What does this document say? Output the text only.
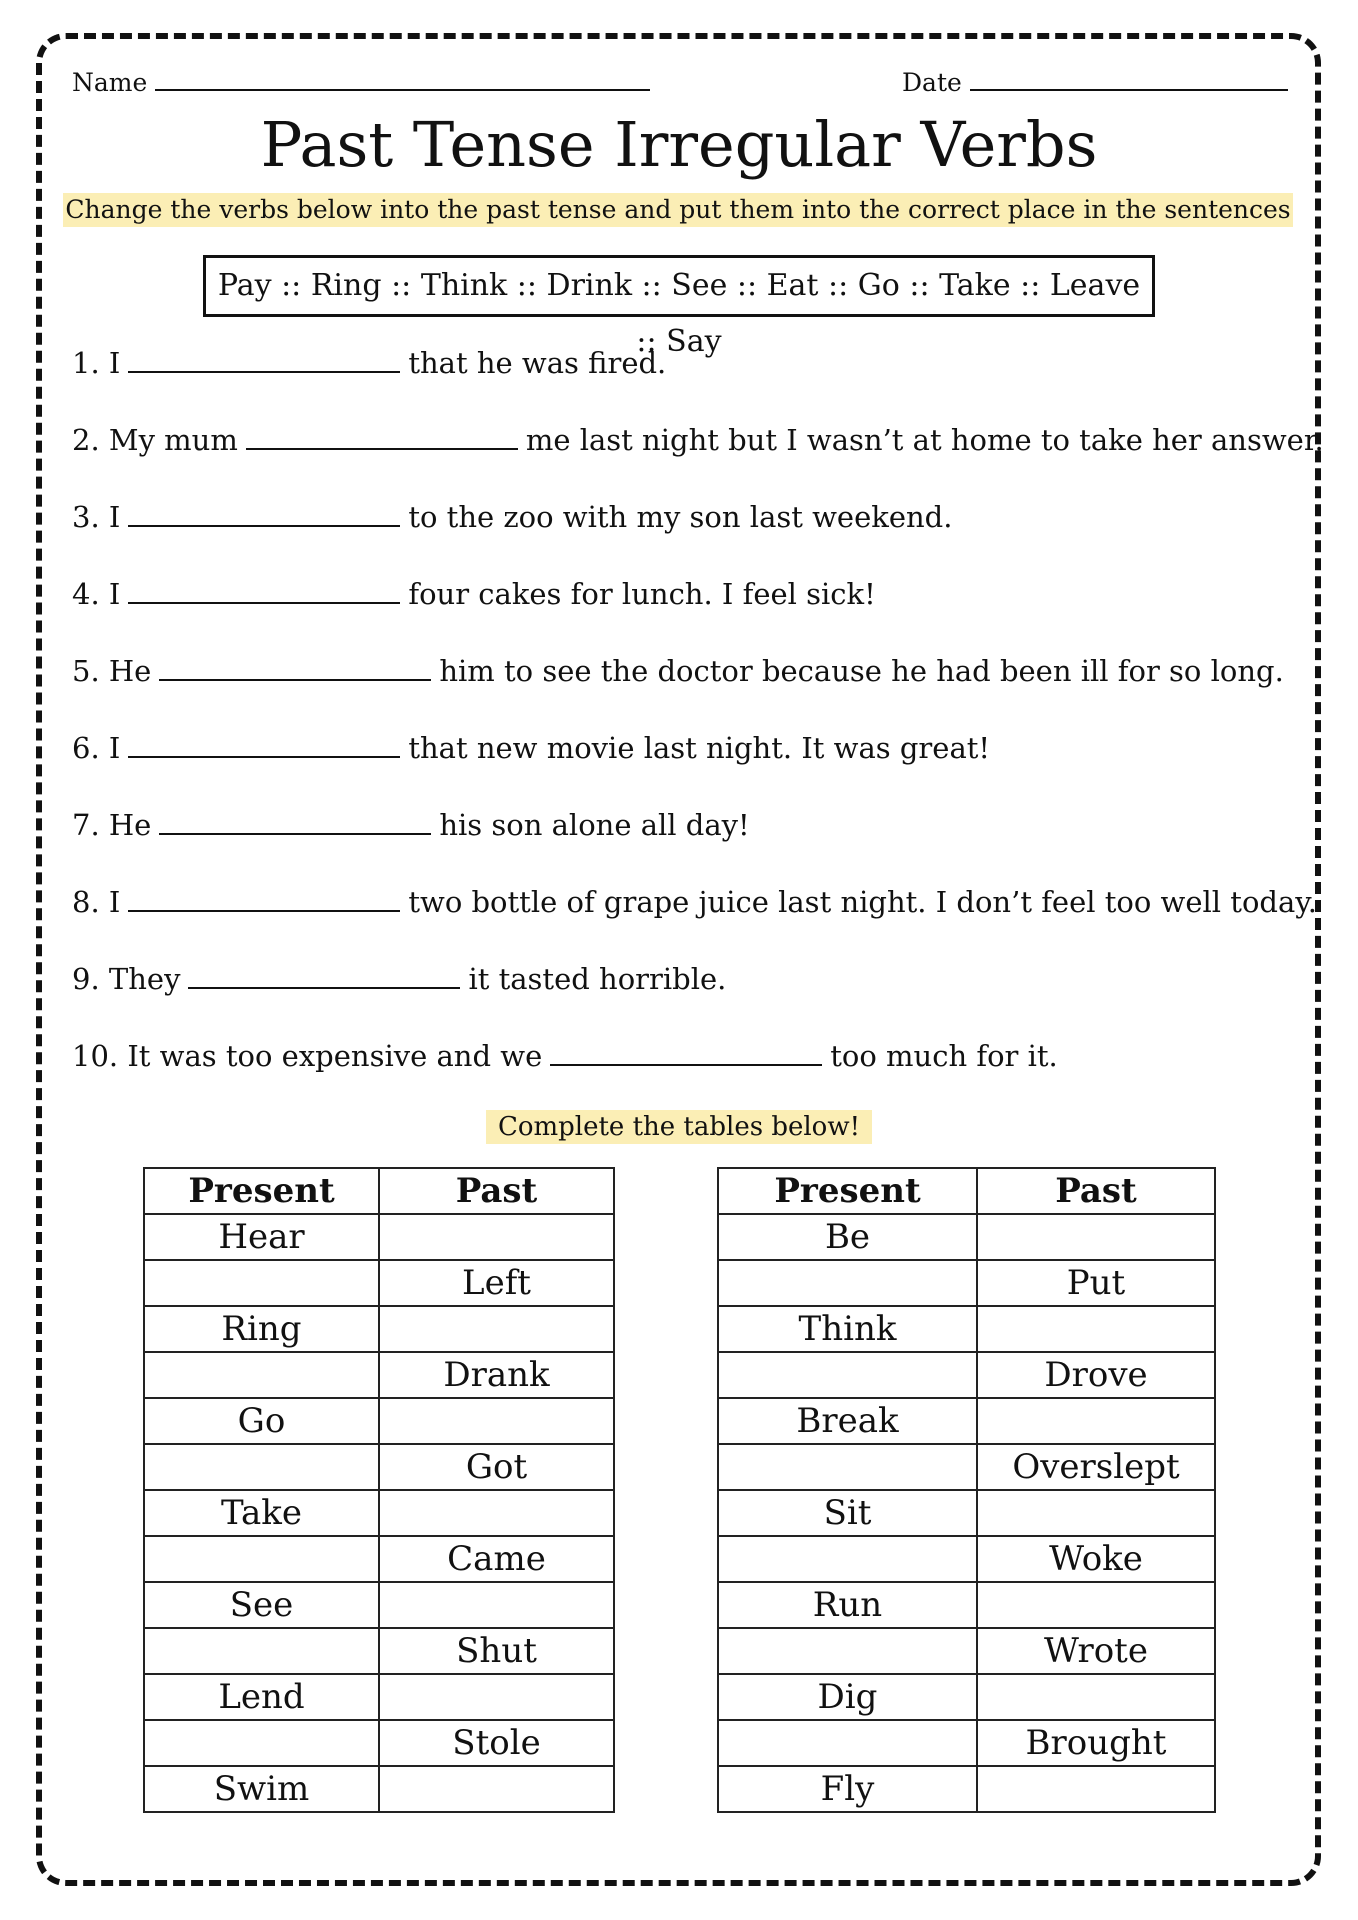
Name	Date
Past Tense Irregular Verbs
Change the verbs below into the past tense and put them into the correct place in the sentences
Pay :: Ring :: Think :: Drink :: See :: Eat :: Go :: Take :: Leave :: Say
1. I	that he was fired.
2. My mum	me last night but I wasn’t at home to take her answer.
3. I	to the zoo with my son last weekend.
4. I	four cakes for lunch. I feel sick!
5. He	him to see the doctor because he had been ill for so long.
6. I	that new movie last night. It was great!
7. He	his son alone all day!
8. I	two bottle of grape juice last night. I don’t feel too well today.
9. They	it tasted horrible.
10. It was too expensive and we	too much for it.
Complete the tables below!
Present	Past
Hear	
	Left
Ring	
	Drank
Go	
	Got
Take	
	Came
See	
	Shut
Lend	
	Stole
Swim	
Present	Past
Be	
	Put
Think	
	Drove
Break	
	Overslept
Sit	
	Woke
Run	
	Wrote
Dig	
	Brought
Fly	
